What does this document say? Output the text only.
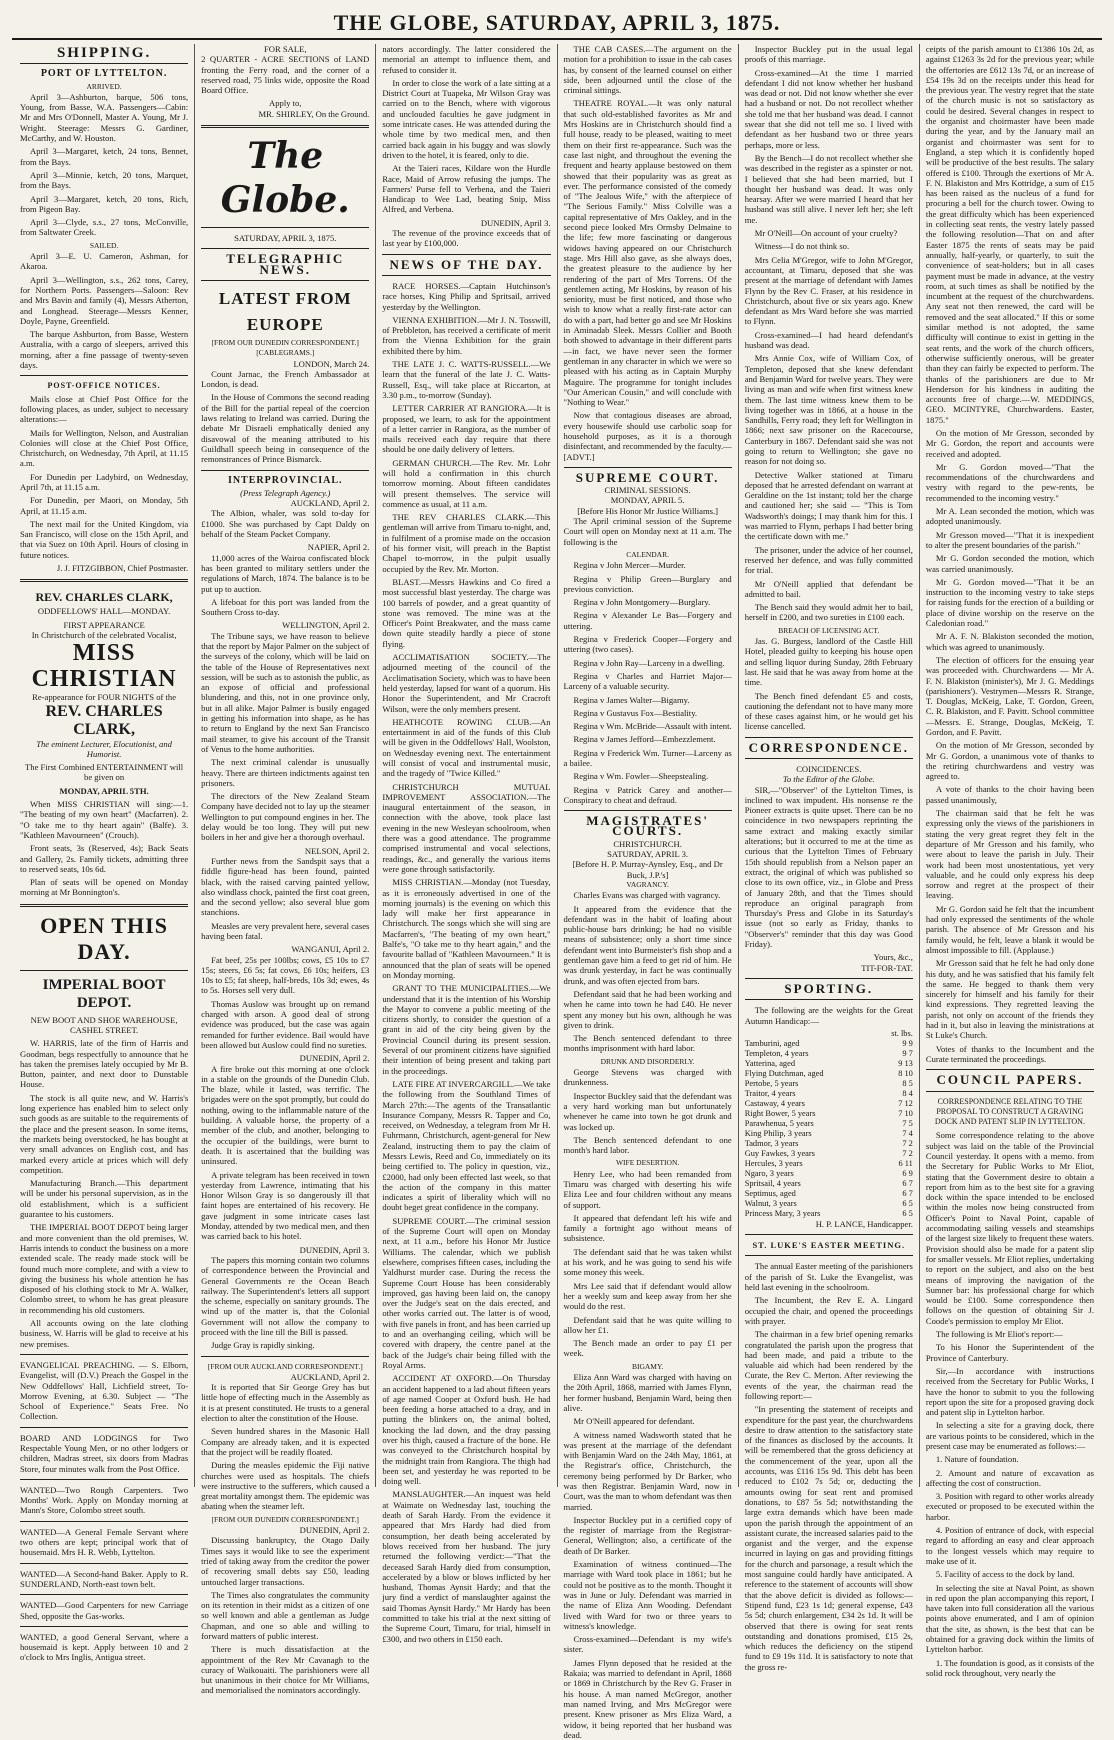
THE GLOBE, SATURDAY, APRIL 3, 1875.
SHIPPING.
PORT OF LYTTELTON.
ARRIVED.

April 3—Ashburton, barque, 506 tons, Young, from Basse, W.A. Passengers—Cabin: Mr and Mrs O'Donnell, Master A. Young, Mr J. Wright. Steerage: Messrs G. Gardiner, McCarthy, and W. Houston.

April 3—Margaret, ketch, 24 tons, Bennet, from the Bays.

April 3—Minnie, ketch, 20 tons, Marquet, from the Bays.

April 3—Margaret, ketch, 20 tons, Rich, from Pigeon Bay.

April 3—Clyde, s.s., 27 tons, McConville, from Saltwater Creek.

SAILED.

April 3—E. U. Cameron, Ashman, for Akaroa.

April 3—Wellington, s.s., 262 tons, Carey, for Northern Ports. Passengers—Saloon: Rev and Mrs Bavin and family (4), Messrs Atherton, and Longhead. Steerage—Messrs Kenner, Doyle, Payne, Greenfield.

The barque Ashburton, from Basse, Western Australia, with a cargo of sleepers, arrived this morning, after a fine passage of twenty-seven days.

POST-OFFICE NOTICES.

Mails close at Chief Post Office for the following places, as under, subject to necessary alterations:—

Mails for Wellington, Nelson, and Australian Colonies will close at the Chief Post Office, Christchurch, on Wednesday, 7th April, at 11.15 a.m.

For Dunedin per Ladybird, on Wednesday, April 7th, at 11.15 a.m.

For Dunedin, per Maori, on Monday, 5th April, at 11.15 a.m.

The next mail for the United Kingdom, via San Francisco, will close on the 15th April, and that via Suez on 10th April. Hours of closing in future notices.

J. J. FITZGIBBON, Chief Postmaster.
REV. CHARLES CLARK,
ODDFELLOWS' HALL—MONDAY.
FIRST APPEARANCE
In Christchurch of the celebrated Vocalist,
MISS CHRISTIAN
Re-appearance for FOUR NIGHTS of the
REV. CHARLES CLARK,
The eminent Lecturer, Elocutionist, and Humorist.
The First Combined ENTERTAINMENT will be given on
MONDAY, APRIL 5TH.

When MISS CHRISTIAN will sing:—1. "The beating of my own heart" (Macfarren). 2. "O take me to thy heart again" (Balfe). 3. "Kathleen Mavourneen" (Crouch).

Front seats, 3s (Reserved, 4s); Back Seats and Gallery, 2s. Family tickets, admitting three to reserved seats, 10s 6d.

Plan of seats will be opened on Monday morning at Mr Bonnington's.

OPEN THIS DAY.
IMPERIAL BOOT DEPOT.
NEW BOOT AND SHOE WAREHOUSE, CASHEL STREET.

W. HARRIS, late of the firm of Harris and Goodman, begs respectfully to announce that he has taken the premises lately occupied by Mr B. Button, painter, and next door to Dunstable House.

The stock is all quite new, and W. Harris's long experience has enabled him to select only such goods as are suitable to the requirements of the place and the present season. In some items, the markets being overstocked, he has bought at very small advances on English cost, and has marked every article at prices which will defy competition.

Manufacturing Branch.—This department will be under his personal supervision, as in the old establishment, which is a sufficient guarantee to his customers.

THE IMPERIAL BOOT DEPOT being larger and more convenient than the old premises, W. Harris intends to conduct the business on a more extended scale. The ready made stock will be found much more complete, and with a view to giving the business his whole attention he has disposed of his clothing stock to Mr A. Walker, Colombo street, to whom he has great pleasure in recommending his old customers.

All accounts owing on the late clothing business, W. Harris will be glad to receive at his new premises.

EVANGELICAL PREACHING. — S. Elborn, Evangelist, will (D.V.) Preach the Gospel in the New Oddfellows' Hall, Lichfield street, To-Morrow Evening, at 6.30. Subject — "The School of Experience." Seats Free. No Collection.

BOARD AND LODGINGS for Two Respectable Young Men, or no other lodgers or children, Madras street, six doors from Madras Store, four minutes walk from the Post Office.

WANTED—Two Rough Carpenters. Two Months' Work. Apply on Monday morning at Mann's Store, Colombo street south.

WANTED—A General Female Servant where two others are kept; principal work that of housemaid. Mrs H. R. Webb, Lyttelton.

WANTED—A Second-hand Baker. Apply to R. SUNDERLAND, North-east town belt.

WANTED—Good Carpenters for new Carriage Shed, opposite the Gas-works.

WANTED, a good General Servant, where a housemaid is kept. Apply between 10 and 2 o'clock to Mrs Inglis, Antigua street.

FOR SALE,

2 QUARTER - ACRE SECTIONS of LAND fronting the Ferry road, and the corner of a reserved road, 75 links wide, opposite the Road Board Office.

Apply to,
MR. SHIRLEY, On the Ground.
The Globe.
SATURDAY, APRIL 3, 1875.
TELEGRAPHIC NEWS.
LATEST FROM EUROPE
[FROM OUR DUNEDIN CORRESPONDENT.]
[CABLEGRAMS.]
LONDON, March 24.

Count Jarnac, the French Ambassador at London, is dead.

In the House of Commons the second reading of the Bill for the partial repeal of the coercion laws relating to Ireland was carried. During the debate Mr Disraeli emphatically denied any disavowal of the meaning attributed to his Guildhall speech being in consequence of the remonstrances of Prince Bismarck.

INTERPROVINCIAL.
(Press Telegraph Agency.)
AUCKLAND, April 2.

The Albion, whaler, was sold to-day for £1000. She was purchased by Capt Daldy on behalf of the Steam Packet Company.

NAPIER, April 2.

11,000 acres of the Wairoa confiscated block has been granted to military settlers under the regulations of March, 1874. The balance is to be put up to auction.

A lifeboat for this port was landed from the Southern Cross to-day.

WELLINGTON, April 2.

The Tribune says, we have reason to believe that the report by Major Palmer on the subject of the surveys of the colony, which will be laid on the table of the House of Representatives next session, will be such as to astonish the public, as an expose of official and professional blundering, and this, not in one province only, but in all alike. Major Palmer is busily engaged in getting his information into shape, as he has to return to England by the next San Francisco mail steamer, to give his account of the Transit of Venus to the home authorities.

The next criminal calendar is unusually heavy. There are thirteen indictments against ten prisoners.

The directors of the New Zealand Steam Company have decided not to lay up the steamer Wellington to put compound engines in her. The delay would be too long. They will put new boilers in her and give her a thorough overhaul.

NELSON, April 2.

Further news from the Sandspit says that a fiddle figure-head has been found, painted black, with the raised carving painted yellow, also windlass chock, painted the first coat green, and the second yellow; also several blue gom stanchions.

Measles are very prevalent here, several cases having been fatal.

WANGANUI, April 2.

Fat beef, 25s per 100lbs; cows, £5 10s to £7 15s; steers, £6 5s; fat cows, £6 10s; heifers, £3 10s to £5; fat sheep, half-breds, 10s 3d; ewes, 4s to 5s. Horses sell very dull.

Thomas Auslow was brought up on remand charged with arson. A good deal of strong evidence was produced, but the case was again remanded for further evidence. Bail would have been allowed but Auslow could find no sureties.

DUNEDIN, April 2.

A fire broke out this morning at one o'clock in a stable on the grounds of the Dunedin Club. The blaze, while it lasted, was terrific. The brigades were on the spot promptly, but could do nothing, owing to the inflammable nature of the building. A valuable horse, the property of a member of the club, and another, belonging to the occupier of the buildings, were burnt to death. It is ascertained that the building was uninsured.

A private telegram has been received in town yesterday from Lawrence, intimating that his Honor Wilson Gray is so dangerously ill that faint hopes are entertained of his recovery. He gave judgment in some intricate cases last Monday, attended by two medical men, and then was carried back to his hotel.

DUNEDIN, April 3.

The papers this morning contain two columns of correspondence between the Provincial and General Governments re the Ocean Beach railway. The Superintendent's letters all support the scheme, especially on sanitary grounds. The wind up of the matter is, that the Colonial Government will not allow the company to proceed with the line till the Bill is passed.

Judge Gray is rapidly sinking.

[FROM OUR AUCKLAND CORRESPONDENT.]
AUCKLAND, April 2.

It is reported that Sir George Grey has but little hope of effecting much in the Assembly as it is at present constituted. He trusts to a general election to alter the constitution of the House.

Seven hundred shares in the Masonic Hall Company are already taken, and it is expected that the project will be readily floated.

During the measles epidemic the Fiji native churches were used as hospitals. The chiefs were instructive to the sufferers, which caused a great mortality amongst them. The epidemic was abating when the steamer left.

[FROM OUR DUNEDIN CORRESPONDENT.]
DUNEDIN, April 2.

Discussing bankruptcy, the Otago Daily Times says it would like to see the experiment tried of taking away from the creditor the power of recovering small debts say £50, leading untouched larger transactions.

The Times also congratulates the community on its retention in their midst as a citizen of one so well known and able a gentleman as Judge Chapman, and one so able and willing to forward matters of public interest.

There is much dissatisfaction at the appointment of the Rev Mr Cavanagh to the curacy of Waikouaiti. The parishioners were all but unanimous in their choice for Mr Williams, and memorialised the nominators accordingly.

nators accordingly. The latter considered the memorial an attempt to influence them, and refused to consider it.

In order to close the work of a late sitting at a District Court at Tuapeka, Mr Wilson Gray was carried on to the Bench, where with vigorous and unclouded faculties he gave judgment in some intricate cases. He was attended during the whole time by two medical men, and then carried back again in his buggy and was slowly driven to the hotel, it is feared, only to die.

At the Taieri races, Kildare won the Hurdle Race, Maid of Arrow refusing the jumps. The Farmers' Purse fell to Verbena, and the Taieri Handicap to Wee Lad, beating Snip, Miss Alfred, and Verbena.

DUNEDIN, April 3.

The revenue of the province exceeds that of last year by £100,000.

NEWS OF THE DAY.

RACE HORSES.—Captain Hutchinson's race horses, King Philip and Spritsail, arrived yesterday by the Wellington.

VIENNA EXHIBITION.—Mr J. N. Tosswill, of Prebbleton, has received a certificate of merit from the Vienna Exhibition for the grain exhibited there by him.

THE LATE J. C. WATTS-RUSSELL.—We learn that the funeral of the late J. C. Watts-Russell, Esq., will take place at Riccarton, at 3.30 p.m., to-morrow (Sunday).

LETTER CARRIER AT RANGIORA.—It is proposed, we learn, to ask for the appointment of a letter carrier in Rangiora, as the number of mails received each day require that there should be one daily delivery of letters.

GERMAN CHURCH.—The Rev. Mr. Lohr will hold a confirmation in this church tomorrow morning. About fifteen candidates will present themselves. The service will commence as usual, at 11 a.m.

THE REV CHARLES CLARK.—This gentleman will arrive from Timaru to-night, and, in fulfilment of a promise made on the occasion of his former visit, will preach in the Baptist Chapel to-morrow, in the pulpit usually occupied by the Rev. Mr. Morton.

BLAST.—Messrs Hawkins and Co fired a most successful blast yesterday. The charge was 100 barrels of powder, and a great quantity of stone was removed. The mine was at the Officer's Point Breakwater, and the mass came down quite steadily hardly a piece of stone flying.

ACCLIMATISATION SOCIETY.—The adjourned meeting of the council of the Acclimatisation Society, which was to have been held yesterday, lapsed for want of a quorum. His Honor the Superintendent, and Mr Cracroft Wilson, were the only members present.

HEATHCOTE ROWING CLUB.—An entertainment in aid of the funds of this Club will be given in the Oddfellows' Hall, Woolston, on Wednesday evening next. The entertainment will consist of vocal and instrumental music, and the tragedy of "Twice Killed."

CHRISTCHURCH MUTUAL IMPROVEMENT ASSOCIATION.—The inaugural entertainment of the season, in connection with the above, took place last evening in the new Wesleyan schoolroom, when there was a good attendance. The programme comprised instrumental and vocal selections, readings, &c., and generally the various items were gone through satisfactorily.

MISS CHRISTIAN.—Monday (not Tuesday, as it is erroneously advertised in one of the morning journals) is the evening on which this lady will make her first appearance in Christchurch. The songs which she will sing are Macfarren's, "The beating of my own heart," Balfe's, "O take me to thy heart again," and the favourite ballad of "Kathleen Mavourneen." It is announced that the plan of seats will be opened on Monday morning.

GRANT TO THE MUNICIPALITIES.—We understand that it is the intention of his Worship the Mayor to convene a public meeting of the citizens shortly, to consider the question of a grant in aid of the city being given by the Provincial Council during its present session. Several of our prominent citizens have signified their intention of being present and taking part in the proceedings.

LATE FIRE AT INVERCARGILL.—We take the following from the Southland Times of March 27th:—The agents of the Transatlantic Insurance Company, Messrs R. Tapper and Co, received, on Wednesday, a telegram from Mr H. Fuhrmann, Christchurch, agent-general for New Zealand, instructing them to pay the claim of Messrs Lewis, Reed and Co, immediately on its being certified to. The policy in question, viz., £2000, had only been effected last week, so that the action of the company in this matter indicates a spirit of liberality which will no doubt beget great confidence in the company.

SUPREME COURT.—The criminal session of the Supreme Court will open on Monday next, at 11 a.m., before his Honor Mr Justice Williams. The calendar, which we publish elsewhere, comprises fifteen cases, including the Yaldhurst murder case. During the recess the Supreme Court House has been considerably improved, gas having been laid on, the canopy over the Judge's seat on the dais erected, and other works carried out. The latter is of wood, with five panels in front, and has been carried up to and an overhanging ceiling, which will be covered with drapery, the centre panel at the back of the Judge's chair being filled with the Royal Arms.

ACCIDENT AT OXFORD.—On Thursday an accident happened to a lad about fifteen years of age named Cooper at Oxford bush. He had been feeding a horse attached to a dray, and in putting the blinkers on, the animal bolted, knocking the lad down, and the dray passing over his thigh, caused a fracture of the bone. He was conveyed to the Christchurch hospital by the midnight train from Rangiora. The thigh had been set, and yesterday he was reported to be doing well.

MANSLAUGHTER.—An inquest was held at Waimate on Wednesday last, touching the death of Sarah Hardy. From the evidence it appeared that Mrs Hardy had died from consumption, her death being accelerated by blows received from her husband. The jury returned the following verdict:—"That the deceased Sarah Hardy died from consumption, accelerated by a blow or blows inflicted by her husband, Thomas Aynsit Hardy; and that the jury find a verdict of manslaughter against the said Thomas Aynsit Hardy." Mr Hardy has been committed to take his trial at the next sitting of the Supreme Court, Timaru, for trial, himself in £300, and two others in £150 each.

THE CAB CASES.—The argument on the motion for a prohibition to issue in the cab cases has, by consent of the learned counsel on either side, been adjourned until the close of the criminal sittings.

THEATRE ROYAL.—It was only natural that such old-established favorites as Mr and Mrs Hoskins are in Christchurch should find a full house, ready to be pleased, waiting to meet them on their first re-appearance. Such was the case last night, and throughout the evening the frequent and hearty applause bestowed on them showed that their popularity was as great as ever. The performance consisted of the comedy of "The Jealous Wife," with the afterpiece of "The Serious Family." Miss Colville was a capital representative of Mrs Oakley, and in the second piece looked Mrs Ormsby Delmaine to the life; few more fascinating or dangerous widows having appeared on our Christchurch stage. Mrs Hill also gave, as she always does, the greatest pleasure to the audience by her rendering of the part of Mrs Torrens. Of the gentlemen acting, Mr Hoskins, by reason of his seniority, must be first noticed, and those who wish to know what a really first-rate actor can do with a part, had better go and see Mr Hoskins in Aminadab Sleek. Messrs Collier and Booth both showed to advantage in their different parts—in fact, we have never seen the former gentleman in any character in which we were so pleased with his acting as in Captain Murphy Maguire. The programme for tonight includes "Our American Cousin," and will conclude with "Nothing to Wear."

Now that contagious diseases are abroad, every housewife should use carbolic soap for household purposes, as it is a thorough disinfectant, and recommended by the faculty.—[ADVT.]

SUPREME COURT.
CRIMINAL SESSIONS.
MONDAY, APRIL 5.
[Before His Honor Mr Justice Williams.]

The April criminal session of the Supreme Court will open on Monday next at 11 a.m. The following is the

CALENDAR.

Regina v John Mercer—Murder.

Regina v Philip Green—Burglary and previous conviction.

Regina v John Montgomery—Burglary.

Regina v Alexander Le Bas—Forgery and uttering.

Regina v Frederick Cooper—Forgery and uttering (two cases).

Regina v John Ray—Larceny in a dwelling.

Regina v Charles and Harriet Major—Larceny of a valuable security.

Regina v James Walter—Bigamy.

Regina v Gustavus Fox—Bestiality.

Regina v Wm. McBride—Assault with intent.

Regina v James Jefford—Embezzlement.

Regina v Frederick Wm. Turner—Larceny as a bailee.

Regina v Wm. Fowler—Sheepstealing.

Regina v Patrick Carey and another—Conspiracy to cheat and defraud.

MAGISTRATES' COURTS.
CHRISTCHURCH.
SATURDAY, APRIL 3.
[Before H. P. Murray-Aynsley, Esq., and Dr Buck, J.P.'s]
VAGRANCY.

Charles Evans was charged with vagrancy.

It appeared from the evidence that the defendant was in the habit of loafing about public-house bars drinking; he had no visible means of subsistence; only a short time since defendant went into Burmeister's fish shop and a gentleman gave him a feed to get rid of him. He was drunk yesterday, in fact he was continually drunk, and was often ejected from bars.

Defendant said that he had been working and when he came into town he had £40. He never spent any money but his own, although he was given to drink.

The Bench sentenced defendant to three months imprisonment with hard labor.

DRUNK AND DISORDERLY.

George Stevens was charged with drunkenness.

Inspector Buckley said that the defendant was a very hard working man but unfortunately whenever he came into town he got drunk and was locked up.

The Bench sentenced defendant to one month's hard labor.

WIFE DESERTION.

Henry Lee, who had been remanded from Timaru was charged with deserting his wife Eliza Lee and four children without any means of support.

It appeared that defendant left his wife and family a fortnight ago without means of subsistence.

The defendant said that he was taken whilst at his work, and he was going to send his wife some money this week.

Mrs Lee said that if defendant would allow her a weekly sum and keep away from her she would do the rest.

Defendant said that he was quite willing to allow her £1.

The Bench made an order to pay £1 per week.

BIGAMY.

Eliza Ann Ward was charged with having on the 20th April, 1868, married with James Flynn, her former husband, Benjamin Ward, being then alive.

Mr O'Neill appeared for defendant.

A witness named Wadsworth stated that he was present at the marriage of the defendant with Benjamin Ward on the 24th May, 1861, at the Registrar's office, Christchurch, the ceremony being performed by Dr Barker, who was then Registrar. Benjamin Ward, now in Court, was the man to whom defendant was then married.

Inspector Buckley put in a certified copy of the register of marriage from the Registrar-General, Wellington; also, a certificate of the death of Dr Barker.

Examination of witness continued—The marriage with Ward took place in 1861; but he could not be positive as to the month. Thought it was in June or July. Defendant was married in the name of Eliza Ann Wooding. Defendant lived with Ward for two or three years to witness's knowledge.

Cross-examined—Defendant is my wife's sister.

James Flynn deposed that he resided at the Rakaia; was married to defendant in April, 1868 or 1869 in Christchurch by the Rev G. Fraser in his house. A man named McGregor, another man named Irving, and Mrs McGregor were present. Knew prisoner as Mrs Eliza Ward, a widow, it being reported that her husband was dead.

Inspector Buckley put in the usual legal proofs of this marriage.

Cross-examined—At the time I married defendant I did not know whether her husband was dead or not. Did not know whether she ever had a husband or not. Do not recollect whether she told me that her husband was dead. I cannot swear that she did not tell me so. I lived with defendant as her husband two or three years perhaps, more or less.

By the Bench—I do not recollect whether she was described in the register as a spinster or not. I believed that she had been married, but I thought her husband was dead. It was only hearsay. After we were married I heard that her husband was still alive. I never left her; she left me.

Mr O'Neill—On account of your cruelty?

Witness—I do not think so.

Mrs Celia M'Gregor, wife to John M'Gregor, accountant, at Timaru, deposed that she was present at the marriage of defendant with James Flynn by the Rev C. Fraser, at his residence in Christchurch, about five or six years ago. Knew defendant as Mrs Ward before she was married to Flynn.

Cross-examined—I had heard defendant's husband was dead.

Mrs Annie Cox, wife of William Cox, of Templeton, deposed that she knew defendant and Benjamin Ward for twelve years. They were living as man and wife when first witness knew them. The last time witness knew them to be living together was in 1866, at a house in the Sandhills, Ferry road; they left for Wellington in 1866; next saw prisoner on the Racecourse, Canterbury in 1867. Defendant said she was not going to return to Wellington; she gave no reason for not doing so.

Detective Walker stationed at Timaru deposed that he arrested defendant on warrant at Geraldine on the 1st instant; told her the charge and cautioned her; she said — "This is Tom Wadsworth's doings; I may thank him for this. I was married to Flynn, perhaps I had better bring the certificate down with me."

The prisoner, under the advice of her counsel, reserved her defence, and was fully committed for trial.

Mr O'Neill applied that defendant be admitted to bail.

The Bench said they would admit her to bail, herself in £200, and two sureties in £100 each.

BREACH OF LICENSING ACT.

Jas. G. Burgess, landlord of the Castle Hill Hotel, pleaded guilty to keeping his house open and selling liquor during Sunday, 28th February last. He said that he was away from home at the time.

The Bench fined defendant £5 and costs, cautioning the defendant not to have many more of these cases against him, or he would get his license cancelled.

CORRESPONDENCE.
COINCIDENCES.
To the Editor of the Globe.

SIR,—"Observer" of the Lyttelton Times, is inclined to wax impudent. His nonsense re the Pioneer extracts is quite upset. There can be no coincidence in two newspapers reprinting the same extract and making exactly similar alterations; but it occurred to me at the time as curious that the Lyttelton Times of February 15th should republish from a Nelson paper an extract, the original of which was published so close to its own office, viz., in Globe and Press of January 28th, and that the Times should reproduce an original paragraph from Thursday's Press and Globe in its Saturday's issue (not so early as Friday, thanks to "Observer's" reminder that this day was Good Friday).

Yours, &c.,
TIT-FOR-TAT.
SPORTING.

The following are the weights for the Great Autumn Handicap:—

	st. lbs.
Tamburini, aged	9 9
Templeton, 4 years	9 7
Yatterina, aged	9 13
Flying Dutchman, aged	8 10
Pertobe, 5 years	8 5
Traitor, 4 years	8 4
Castaway, 4 years	7 12
Right Bower, 5 years	7 10
Parawhenua, 5 years	7 5
King Philip, 3 years	7 4
Tadmor, 3 years	7 2
Guy Fawkes, 3 years	7 2
Hercules, 3 years	6 11
Ngaro, 3 years	6 9
Spritsail, 4 years	6 7
Septimus, aged	6 7
Walnut, 3 years	6 5
Princess Mary, 3 years	6 5
H. P. LANCE, Handicapper.
ST. LUKE'S EASTER MEETING.

The annual Easter meeting of the parishioners of the parish of St. Luke the Evangelist, was held last evening in the schoolroom.

The Incumbent, the Rev E. A. Lingard occupied the chair, and opened the proceedings with prayer.

The chairman in a few brief opening remarks congratulated the parish upon the progress that had been made, and paid a tribute to the valuable aid which had been rendered by the Curate, the Rev C. Merton. After reviewing the events of the year, the chairman read the following report:—

"In presenting the statement of receipts and expenditure for the past year, the churchwardens desire to draw attention to the satisfactory state of the finances as disclosed by the accounts. It will be remembered that the gross deficiency at the commencement of the year, upon all the accounts, was £116 15s 9d. This debt has been reduced to £102 7s 5d; or, deducting the amounts owing for seat rent and promised donations, to £87 5s 5d; notwithstanding the large extra demands which have been made upon the parish through the appointment of an assistant curate, the increased salaries paid to the organist and the verger, and the expense incurred in laying on gas and providing fittings for the church and parsonage, a result which the most sanguine could hardly have anticipated. A reference to the statement of accounts will show that the above deficit is divided as follows:—Stipend fund, £23 1s 1d; general expense, £43 5s 5d; church enlargement, £34 2s 1d. It will be observed that there is owing for seat rents outstanding and donations promised, £15 2s, which reduces the deficiency on the stipend fund to £9 19s 11d. It is satisfactory to note that the gross re-

ceipts of the parish amount to £1386 10s 2d, as against £1263 3s 2d for the previous year; while the offertories are £612 13s 7d, or an increase of £54 19s 3d on the receipts under this head for the previous year. The vestry regret that the state of the church music is not so satisfactory as could be desired. Several changes in respect to the organist and choirmaster have been made during the year, and by the January mail an organist and choirmaster was sent for to England, a step which it is confidently hoped will be productive of the best results. The salary offered is £100. Through the exertions of Mr A. F. N. Blakiston and Mrs Kottridge, a sum of £15 has been raised as the nucleus of a fund for procuring a bell for the church tower. Owing to the great difficulty which has been experienced in collecting seat rents, the vestry lately passed the following resolution—That on and after Easter 1875 the rents of seats may be paid annually, half-yearly, or quarterly, to suit the convenience of seat-holders; but in all cases payment must be made in advance, at the vestry room, at such times as shall be notified by the incumbent at the request of the churchwardens. Any seat not then renewed, the card will be removed and the seat allocated." If this or some similar method is not adopted, the same difficulty will continue to exist in getting in the seat rents, and the work of the church officers, otherwise sufficiently onerous, will be greater than they can fairly be expected to perform. The thanks of the parishioners are due to Mr Henderson for his kindness in auditing the accounts free of charge.—W. MEDDINGS, GEO. MCINTYRE, Churchwardens. Easter, 1875."

On the motion of Mr Gresson, seconded by Mr G. Gordon, the report and accounts were received and adopted.

Mr G. Gordon moved—"That the recommendations of the churchwardens and vestry with regard to the pew-rents, be recommended to the incoming vestry."

Mr A. Lean seconded the motion, which was adopted unanimously.

Mr Gresson moved—"That it is inexpedient to alter the present boundaries of the parish."

Mr G. Gordon seconded the motion, which was carried unanimously.

Mr G. Gordon moved—"That it be an instruction to the incoming vestry to take steps for raising funds for the erection of a building or place of divine worship on the reserve on the Caledonian road."

Mr A. F. N. Blakiston seconded the motion, which was agreed to unanimously.

The election of officers for the ensuing year was proceeded with. Churchwardens — Mr A. F. N. Blakiston (minister's), Mr J. G. Meddings (parishioners'). Vestrymen—Messrs R. Strange, T. Douglas, McKeig, Lake, T. Gordon, Green, C. R. Blakiston, and F. Pavitt. School committee—Messrs. E. Strange, Douglas, McKeig, T. Gordon, and F. Pavitt.

On the motion of Mr Gresson, seconded by Mr G. Gordon, a unanimous vote of thanks to the retiring churchwardens and vestry was agreed to.

A vote of thanks to the choir having been passed unanimously,

The chairman said that he felt he was expressing only the views of the parishioners in stating the very great regret they felt in the departure of Mr Gresson and his family, who were about to leave the parish in July. Their work had been most unostentatious, yet very valuable, and he could only express his deep sorrow and regret at the prospect of their leaving.

Mr G. Gordon said he felt that the incumbent had only expressed the sentiments of the whole parish. The absence of Mr Gresson and his family would, he felt, leave a blank it would be almost impossible to fill. (Applause.)

Mr Gresson said that he felt he had only done his duty, and he was satisfied that his family felt the same. He begged to thank them very sincerely for himself and his family for their kind expressions. They regretted leaving the parish, not only on account of the friends they had in it, but also in leaving the ministrations at St Luke's Church.

Votes of thanks to the Incumbent and the Curate terminated the proceedings.

COUNCIL PAPERS.
CORRESPONDENCE RELATING TO THE PROPOSAL TO CONSTRUCT A GRAVING DOCK AND PATENT SLIP IN LYTTELTON.

Some correspondence relating to the above subject was laid on the table of the Provincial Council yesterday. It opens with a memo. from the Secretary for Public Works to Mr Eliot, stating that the Government desire to obtain a report from him as to the best site for a graving dock within the space intended to be enclosed within the moles now being constructed from Officer's Point to Naval Point, capable of accommodating sailing vessels and steamships of the largest size likely to frequent these waters. Provision should also be made for a patent slip for smaller vessels. Mr Eliot replies, undertaking to report on the subject, and also on the best means of improving the navigation of the Sumner bar: his professional charge for which would be £100. Some correspondence then follows on the question of obtaining Sir J. Coode's permission to employ Mr Eliot.

The following is Mr Eliot's report:—

To his Honor the Superintendent of the Province of Canterbury.

Sir,—In accordance with instructions received from the Secretary for Public Works, I have the honor to submit to you the following report upon the site for a proposed graving dock and patent slip in Lyttelton harbor.

In selecting a site for a graving dock, there are various points to be considered, which in the present case may be enumerated as follows:—

1. Nature of foundation.

2. Amount and nature of excavation as affecting the cost of construction.

3. Position with regard to other works already executed or proposed to be executed within the harbor.

4. Position of entrance of dock, with especial regard to affording an easy and clear approach to the longest vessels which may require to make use of it.

5. Facility of access to the dock by land.

In selecting the site at Naval Point, as shown in red upon the plan accompanying this report, I have taken into full consideration all the various points above enumerated, and I am of opinion that the site, as shown, is the best that can be obtained for a graving dock within the limits of Lyttelton harbor.

1. The foundation is good, as it consists of the solid rock throughout, very nearly the
